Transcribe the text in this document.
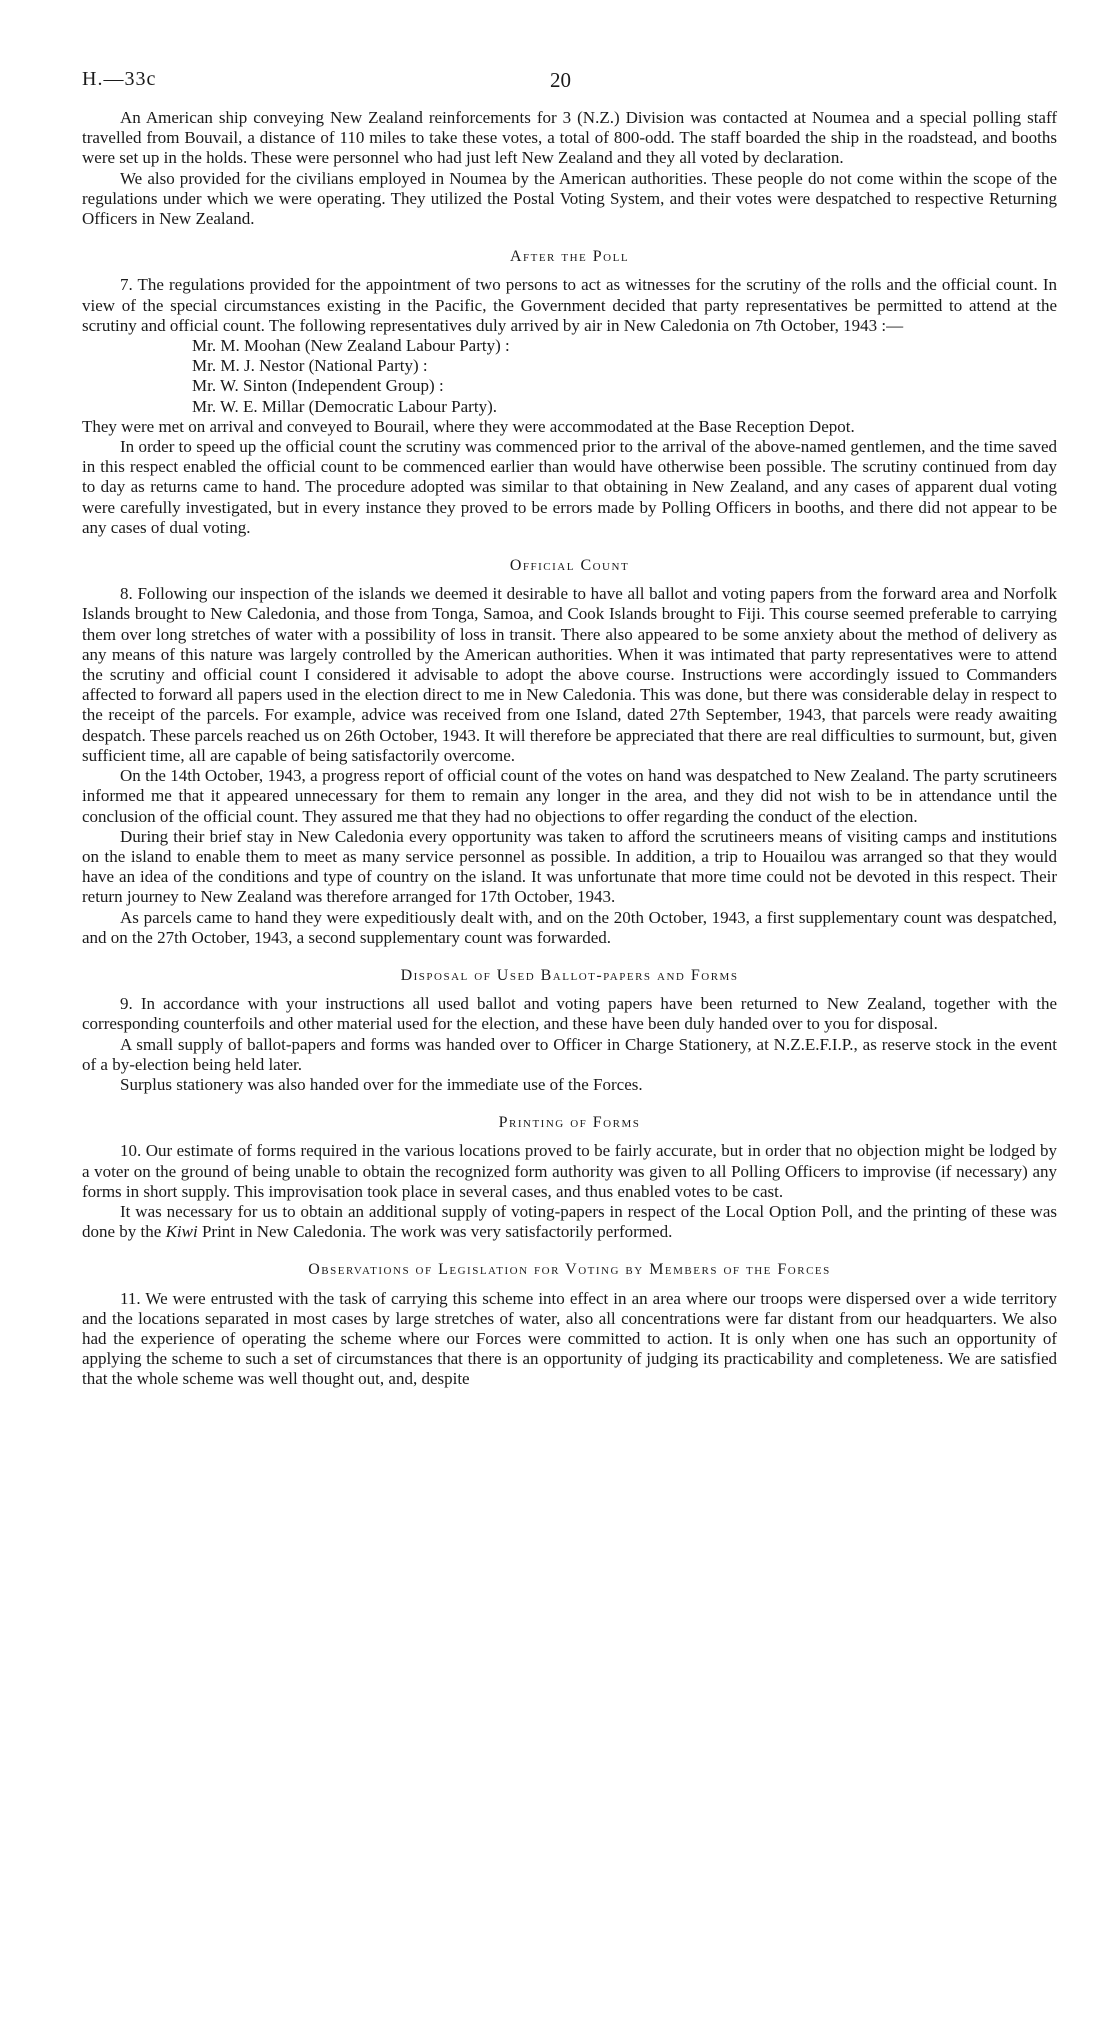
H.—33c	20

An American ship conveying New Zealand reinforcements for 3 (N.Z.) Division was contacted at Noumea and a special polling staff travelled from Bouvail, a distance of 110 miles to take these votes, a total of 800-odd. The staff boarded the ship in the roadstead, and booths were set up in the holds. These were personnel who had just left New Zealand and they all voted by declaration.

We also provided for the civilians employed in Noumea by the American authorities. These people do not come within the scope of the regulations under which we were operating. They utilized the Postal Voting System, and their votes were despatched to respective Returning Officers in New Zealand.

After the Poll

7. The regulations provided for the appointment of two persons to act as witnesses for the scrutiny of the rolls and the official count. In view of the special circumstances existing in the Pacific, the Government decided that party representatives be permitted to attend at the scrutiny and official count. The following representatives duly arrived by air in New Caledonia on 7th October, 1943 :—

Mr. M. Moohan (New Zealand Labour Party) :
Mr. M. J. Nestor (National Party) :
Mr. W. Sinton (Independent Group) :
Mr. W. E. Millar (Democratic Labour Party).

They were met on arrival and conveyed to Bourail, where they were accommodated at the Base Reception Depot.

In order to speed up the official count the scrutiny was commenced prior to the arrival of the above-named gentlemen, and the time saved in this respect enabled the official count to be commenced earlier than would have otherwise been possible. The scrutiny continued from day to day as returns came to hand. The procedure adopted was similar to that obtaining in New Zealand, and any cases of apparent dual voting were carefully investigated, but in every instance they proved to be errors made by Polling Officers in booths, and there did not appear to be any cases of dual voting.

Official Count

8. Following our inspection of the islands we deemed it desirable to have all ballot and voting papers from the forward area and Norfolk Islands brought to New Caledonia, and those from Tonga, Samoa, and Cook Islands brought to Fiji. This course seemed preferable to carrying them over long stretches of water with a possibility of loss in transit. There also appeared to be some anxiety about the method of delivery as any means of this nature was largely controlled by the American authorities. When it was intimated that party representatives were to attend the scrutiny and official count I considered it advisable to adopt the above course. Instructions were accordingly issued to Commanders affected to forward all papers used in the election direct to me in New Caledonia. This was done, but there was considerable delay in respect to the receipt of the parcels. For example, advice was received from one Island, dated 27th September, 1943, that parcels were ready awaiting despatch. These parcels reached us on 26th October, 1943. It will therefore be appreciated that there are real difficulties to surmount, but, given sufficient time, all are capable of being satisfactorily overcome.

On the 14th October, 1943, a progress report of official count of the votes on hand was despatched to New Zealand. The party scrutineers informed me that it appeared unnecessary for them to remain any longer in the area, and they did not wish to be in attendance until the conclusion of the official count. They assured me that they had no objections to offer regarding the conduct of the election.

During their brief stay in New Caledonia every opportunity was taken to afford the scrutineers means of visiting camps and institutions on the island to enable them to meet as many service personnel as possible. In addition, a trip to Houailou was arranged so that they would have an idea of the conditions and type of country on the island. It was unfortunate that more time could not be devoted in this respect. Their return journey to New Zealand was therefore arranged for 17th October, 1943.

As parcels came to hand they were expeditiously dealt with, and on the 20th October, 1943, a first supplementary count was despatched, and on the 27th October, 1943, a second supplementary count was forwarded.

Disposal of Used Ballot-papers and Forms

9. In accordance with your instructions all used ballot and voting papers have been returned to New Zealand, together with the corresponding counterfoils and other material used for the election, and these have been duly handed over to you for disposal.

A small supply of ballot-papers and forms was handed over to Officer in Charge Stationery, at N.Z.E.F.I.P., as reserve stock in the event of a by-election being held later.

Surplus stationery was also handed over for the immediate use of the Forces.

Printing of Forms

10. Our estimate of forms required in the various locations proved to be fairly accurate, but in order that no objection might be lodged by a voter on the ground of being unable to obtain the recognized form authority was given to all Polling Officers to improvise (if necessary) any forms in short supply. This improvisation took place in several cases, and thus enabled votes to be cast.

It was necessary for us to obtain an additional supply of voting-papers in respect of the Local Option Poll, and the printing of these was done by the Kiwi Print in New Caledonia. The work was very satisfactorily performed.

Observations of Legislation for Voting by Members of the Forces

11. We were entrusted with the task of carrying this scheme into effect in an area where our troops were dispersed over a wide territory and the locations separated in most cases by large stretches of water, also all concentrations were far distant from our headquarters. We also had the experience of operating the scheme where our Forces were committed to action. It is only when one has such an opportunity of applying the scheme to such a set of circumstances that there is an opportunity of judging its practicability and completeness. We are satisfied that the whole scheme was well thought out, and, despite
